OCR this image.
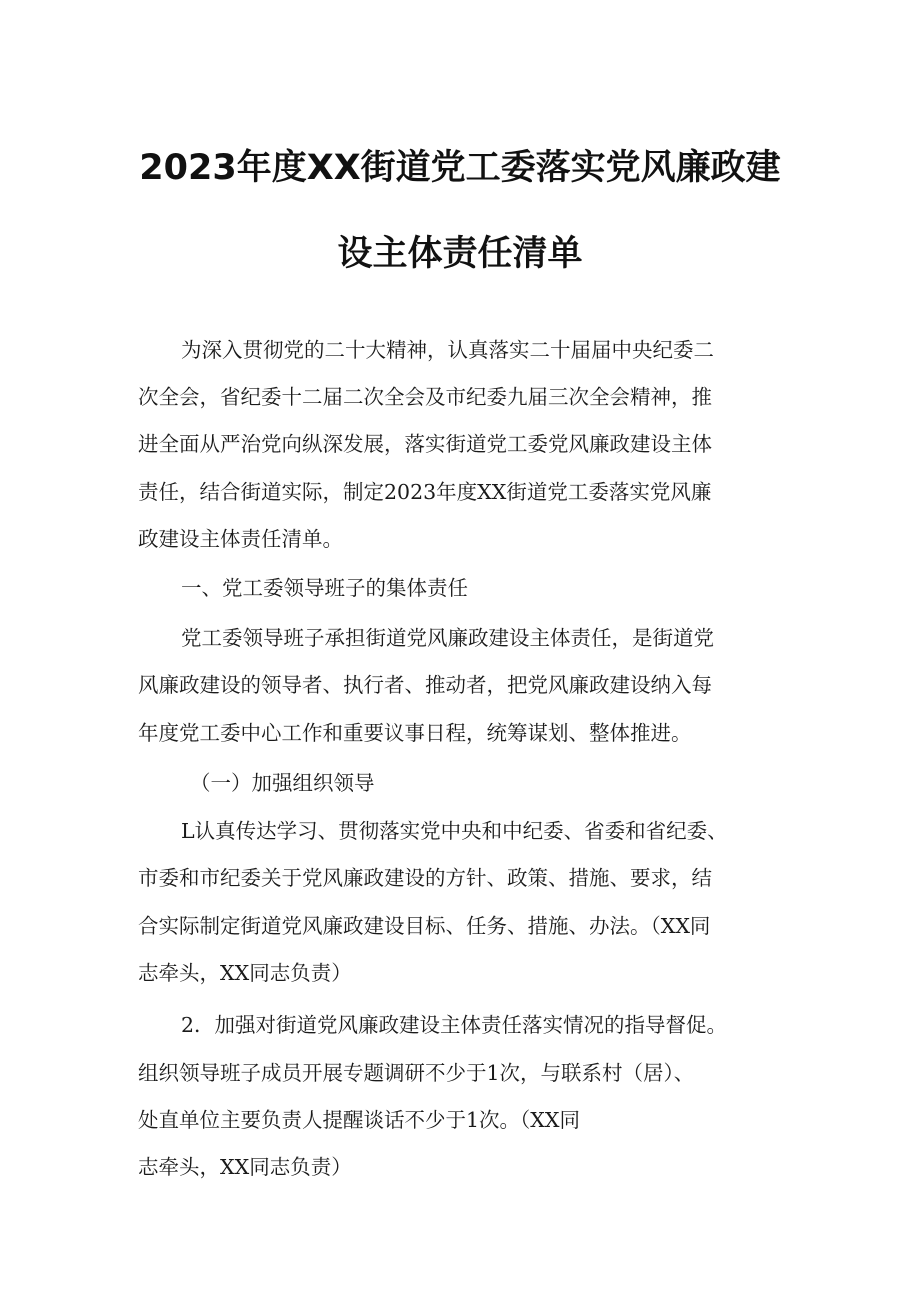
2023年度XX街道党工委落实党风廉政建
设主体责任清单
为深入贯彻党的二十大精神，认真落实二十届届中央纪委二
次全会，省纪委十二届二次全会及市纪委九届三次全会精神，推
进全面从严治党向纵深发展，落实街道党工委党风廉政建设主体
责任，结合街道实际，制定2023年度XX街道党工委落实党风廉
政建设主体责任清单。
一、党工委领导班子的集体责任
党工委领导班子承担街道党风廉政建设主体责任，是街道党
风廉政建设的领导者、执行者、推动者，把党风廉政建设纳入每
年度党工委中心工作和重要议事日程，统筹谋划、整体推进。
（一）加强组织领导
L认真传达学习、贯彻落实党中央和中纪委、省委和省纪委、
市委和市纪委关于党风廉政建设的方针、政策、措施、要求，结
合实际制定街道党风廉政建设目标、任务、措施、办法。（XX同
志牵头，XX同志负责）
2．加强对街道党风廉政建设主体责任落实情况的指导督促。
组织领导班子成员开展专题调研不少于1次，与联系村（居）、
处直单位主要负责人提醒谈话不少于1次。（XX同
志牵头，XX同志负责）
